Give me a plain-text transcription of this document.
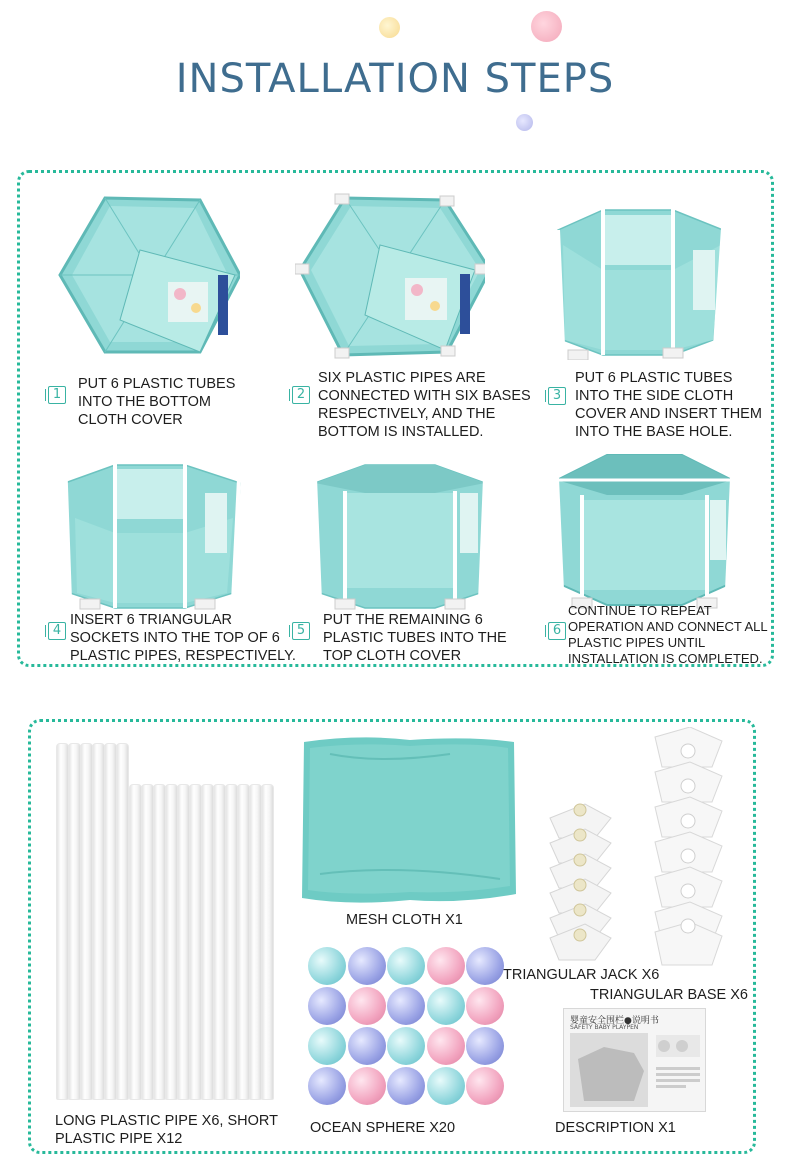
INSTALLATION STEPS
1
PUT 6 PLASTIC TUBES
INTO THE BOTTOM
CLOTH COVER
2
SIX PLASTIC PIPES ARE
CONNECTED WITH SIX BASES
RESPECTIVELY, AND THE
BOTTOM IS INSTALLED.
3
PUT 6 PLASTIC TUBES
INTO THE SIDE CLOTH
COVER AND INSERT THEM
INTO THE BASE HOLE.
4
INSERT 6 TRIANGULAR
SOCKETS INTO THE TOP OF 6
PLASTIC PIPES, RESPECTIVELY.
5
PUT THE REMAINING 6
PLASTIC TUBES INTO THE
TOP CLOTH COVER
6
CONTINUE TO REPEAT
OPERATION AND CONNECT ALL
PLASTIC PIPES UNTIL
INSTALLATION IS COMPLETED.
LONG PLASTIC PIPE X6, SHORT
PLASTIC PIPE X12
MESH CLOTH X1
TRIANGULAR JACK X6
TRIANGULAR BASE X6
OCEAN SPHERE X20
婴童安全围栏●说明书
SAFETY BABY PLAYPEN
DESCRIPTION X1
